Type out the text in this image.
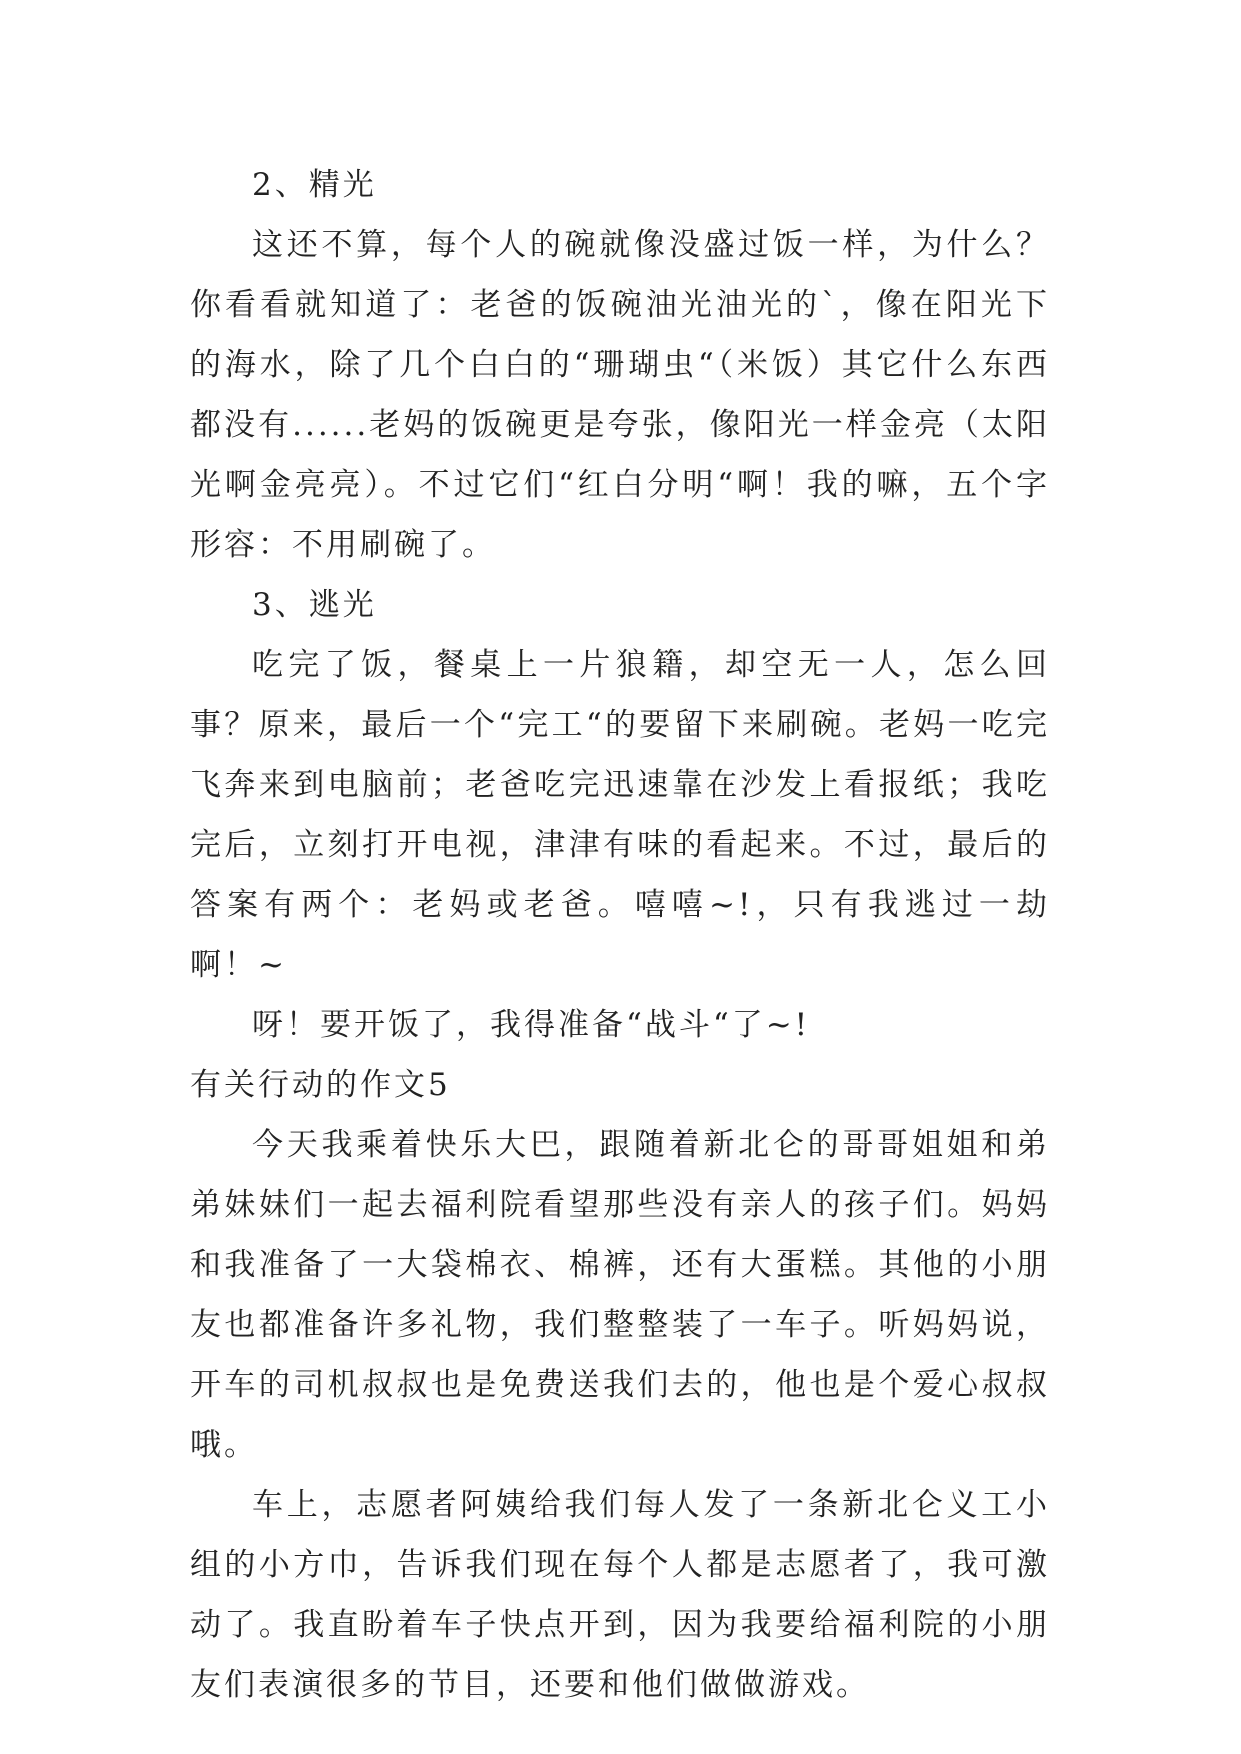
2、精光

这还不算，每个人的碗就像没盛过饭一样，为什么？你看看就知道了：老爸的饭碗油光油光的`，像在阳光下的海水，除了几个白白的“珊瑚虫“（米饭）其它什么东西都没有......老妈的饭碗更是夸张，像阳光一样金亮（太阳光啊金亮亮）。不过它们“红白分明“啊！我的嘛，五个字形容：不用刷碗了。

3、逃光

吃完了饭，餐桌上一片狼籍，却空无一人，怎么回事？原来，最后一个“完工“的要留下来刷碗。老妈一吃完飞奔来到电脑前；老爸吃完迅速靠在沙发上看报纸；我吃完后，立刻打开电视，津津有味的看起来。不过，最后的答案有两个：老妈或老爸。嘻嘻~!，只有我逃过一劫啊！~

呀！要开饭了，我得准备“战斗“了~!

有关行动的作文5

今天我乘着快乐大巴，跟随着新北仑的哥哥姐姐和弟弟妹妹们一起去福利院看望那些没有亲人的孩子们。妈妈和我准备了一大袋棉衣、棉裤，还有大蛋糕。其他的小朋友也都准备许多礼物，我们整整装了一车子。听妈妈说，开车的司机叔叔也是免费送我们去的，他也是个爱心叔叔哦。

车上，志愿者阿姨给我们每人发了一条新北仑义工小组的小方巾，告诉我们现在每个人都是志愿者了，我可激动了。我直盼着车子快点开到，因为我要给福利院的小朋友们表演很多的节目，还要和他们做做游戏。
